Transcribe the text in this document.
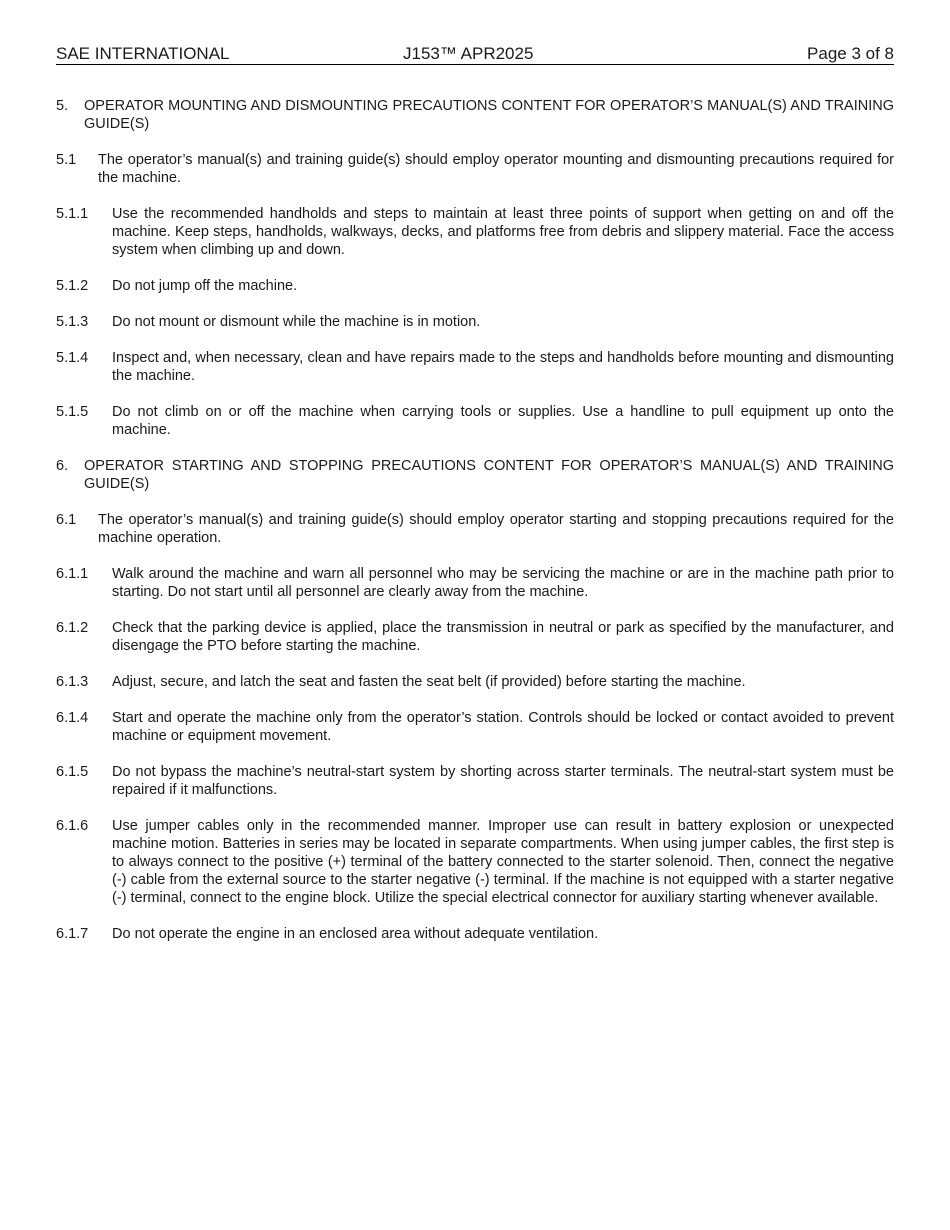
SAE INTERNATIONAL	J153™ APR2025	Page 3 of 8
5. OPERATOR MOUNTING AND DISMOUNTING PRECAUTIONS CONTENT FOR OPERATOR’S MANUAL(S) AND TRAINING GUIDE(S)
5.1 The operator’s manual(s) and training guide(s) should employ operator mounting and dismounting precautions required for the machine.
5.1.1 Use the recommended handholds and steps to maintain at least three points of support when getting on and off the machine. Keep steps, handholds, walkways, decks, and platforms free from debris and slippery material. Face the access system when climbing up and down.
5.1.2 Do not jump off the machine.
5.1.3 Do not mount or dismount while the machine is in motion.
5.1.4 Inspect and, when necessary, clean and have repairs made to the steps and handholds before mounting and dismounting the machine.
5.1.5 Do not climb on or off the machine when carrying tools or supplies. Use a handline to pull equipment up onto the machine.
6. OPERATOR STARTING AND STOPPING PRECAUTIONS CONTENT FOR OPERATOR’S MANUAL(S) AND TRAINING GUIDE(S)
6.1 The operator’s manual(s) and training guide(s) should employ operator starting and stopping precautions required for the machine operation.
6.1.1 Walk around the machine and warn all personnel who may be servicing the machine or are in the machine path prior to starting. Do not start until all personnel are clearly away from the machine.
6.1.2 Check that the parking device is applied, place the transmission in neutral or park as specified by the manufacturer, and disengage the PTO before starting the machine.
6.1.3 Adjust, secure, and latch the seat and fasten the seat belt (if provided) before starting the machine.
6.1.4 Start and operate the machine only from the operator’s station. Controls should be locked or contact avoided to prevent machine or equipment movement.
6.1.5 Do not bypass the machine’s neutral-start system by shorting across starter terminals. The neutral-start system must be repaired if it malfunctions.
6.1.6 Use jumper cables only in the recommended manner. Improper use can result in battery explosion or unexpected machine motion. Batteries in series may be located in separate compartments. When using jumper cables, the first step is to always connect to the positive (+) terminal of the battery connected to the starter solenoid. Then, connect the negative (-) cable from the external source to the starter negative (-) terminal. If the machine is not equipped with a starter negative (-) terminal, connect to the engine block. Utilize the special electrical connector for auxiliary starting whenever available.
6.1.7 Do not operate the engine in an enclosed area without adequate ventilation.
